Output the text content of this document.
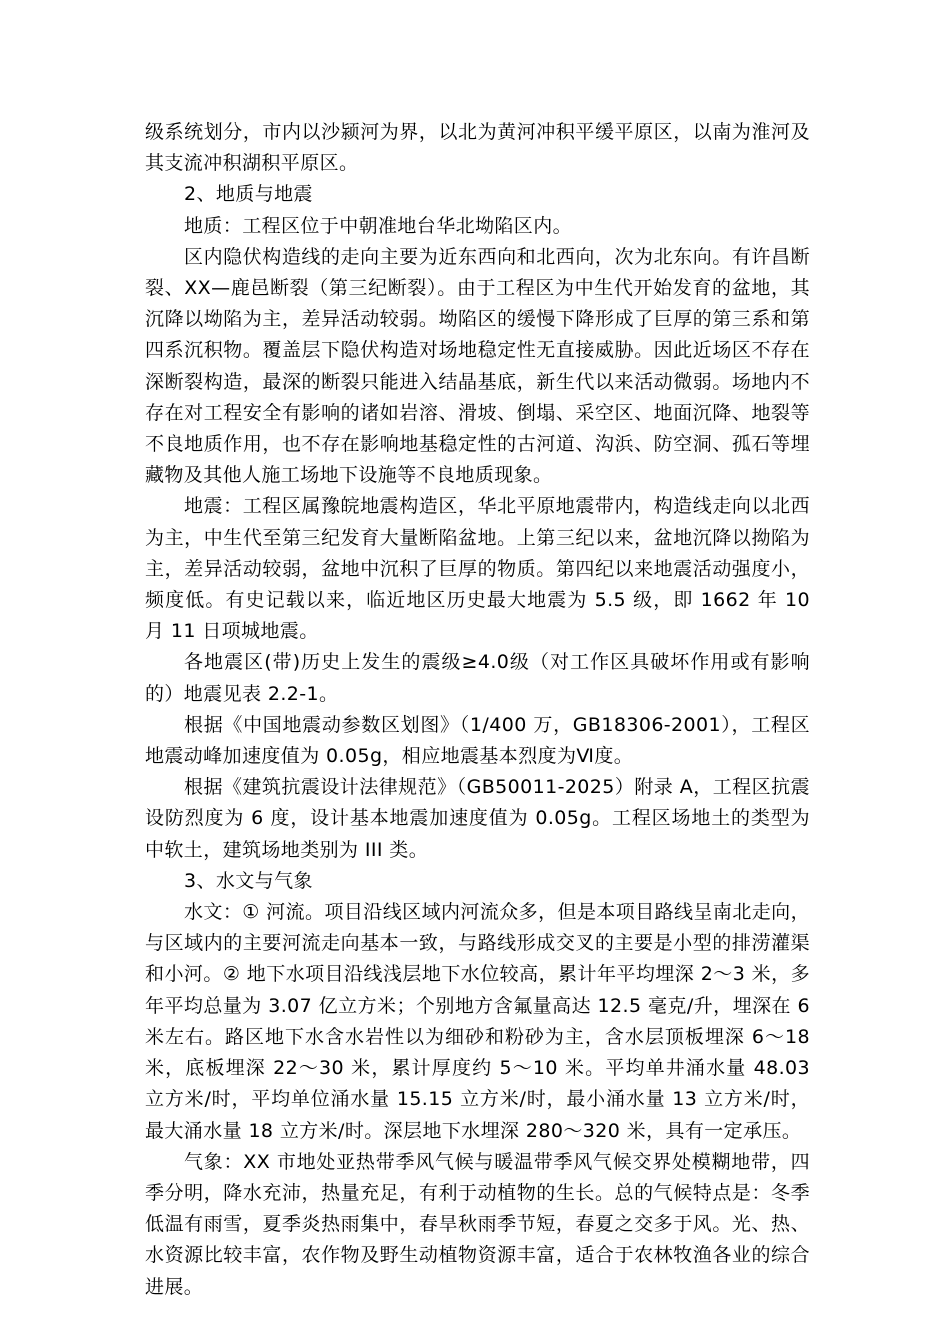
级系统划分，市内以沙颍河为界，以北为黄河冲积平缓平原区，以南为淮河及其支流冲积湖积平原区。

2、地质与地震

地质：工程区位于中朝准地台华北坳陷区内。

区内隐伏构造线的走向主要为近东西向和北西向，次为北东向。有许昌断裂、XX—鹿邑断裂（第三纪断裂）。由于工程区为中生代开始发育的盆地，其沉降以坳陷为主，差异活动较弱。坳陷区的缓慢下降形成了巨厚的第三系和第四系沉积物。覆盖层下隐伏构造对场地稳定性无直接威胁。因此近场区不存在深断裂构造，最深的断裂只能进入结晶基底，新生代以来活动微弱。场地内不存在对工程安全有影响的诸如岩溶、滑坡、倒塌、采空区、地面沉降、地裂等不良地质作用，也不存在影响地基稳定性的古河道、沟浜、防空洞、孤石等埋藏物及其他人施工场地下设施等不良地质现象。

地震：工程区属豫皖地震构造区，华北平原地震带内，构造线走向以北西为主，中生代至第三纪发育大量断陷盆地。上第三纪以来，盆地沉降以拗陷为主，差异活动较弱，盆地中沉积了巨厚的物质。第四纪以来地震活动强度小，频度低。有史记载以来，临近地区历史最大地震为 5.5 级，即 1662 年 10 月 11 日项城地震。

各地震区(带)历史上发生的震级≥4.0级（对工作区具破坏作用或有影响的）地震见表 2.2-1。

根据《中国地震动参数区划图》（1/400 万，GB18306-2001），工程区地震动峰加速度值为 0.05g，相应地震基本烈度为Ⅵ度。

根据《建筑抗震设计法律规范》（GB50011-2025）附录 A，工程区抗震设防烈度为 6 度，设计基本地震加速度值为 0.05g。工程区场地土的类型为中软土，建筑场地类别为 III 类。

3、水文与气象

水文：① 河流。项目沿线区域内河流众多，但是本项目路线呈南北走向，与区域内的主要河流走向基本一致，与路线形成交叉的主要是小型的排涝灌渠和小河。② 地下水项目沿线浅层地下水位较高，累计年平均埋深 2～3 米，多年平均总量为 3.07 亿立方米；个别地方含氟量高达 12.5 毫克/升，埋深在 6 米左右。路区地下水含水岩性以为细砂和粉砂为主，含水层顶板埋深 6～18 米，底板埋深 22～30 米，累计厚度约 5～10 米。平均单井涌水量 48.03 立方米/时，平均单位涌水量 15.15 立方米/时，最小涌水量 13 立方米/时，最大涌水量 18 立方米/时。深层地下水埋深 280～320 米，具有一定承压。

气象：XX 市地处亚热带季风气候与暖温带季风气候交界处模糊地带，四季分明，降水充沛，热量充足，有利于动植物的生长。总的气候特点是：冬季低温有雨雪，夏季炎热雨集中，春旱秋雨季节短，春夏之交多于风。光、热、水资源比较丰富，农作物及野生动植物资源丰富，适合于农林牧渔各业的综合进展。
